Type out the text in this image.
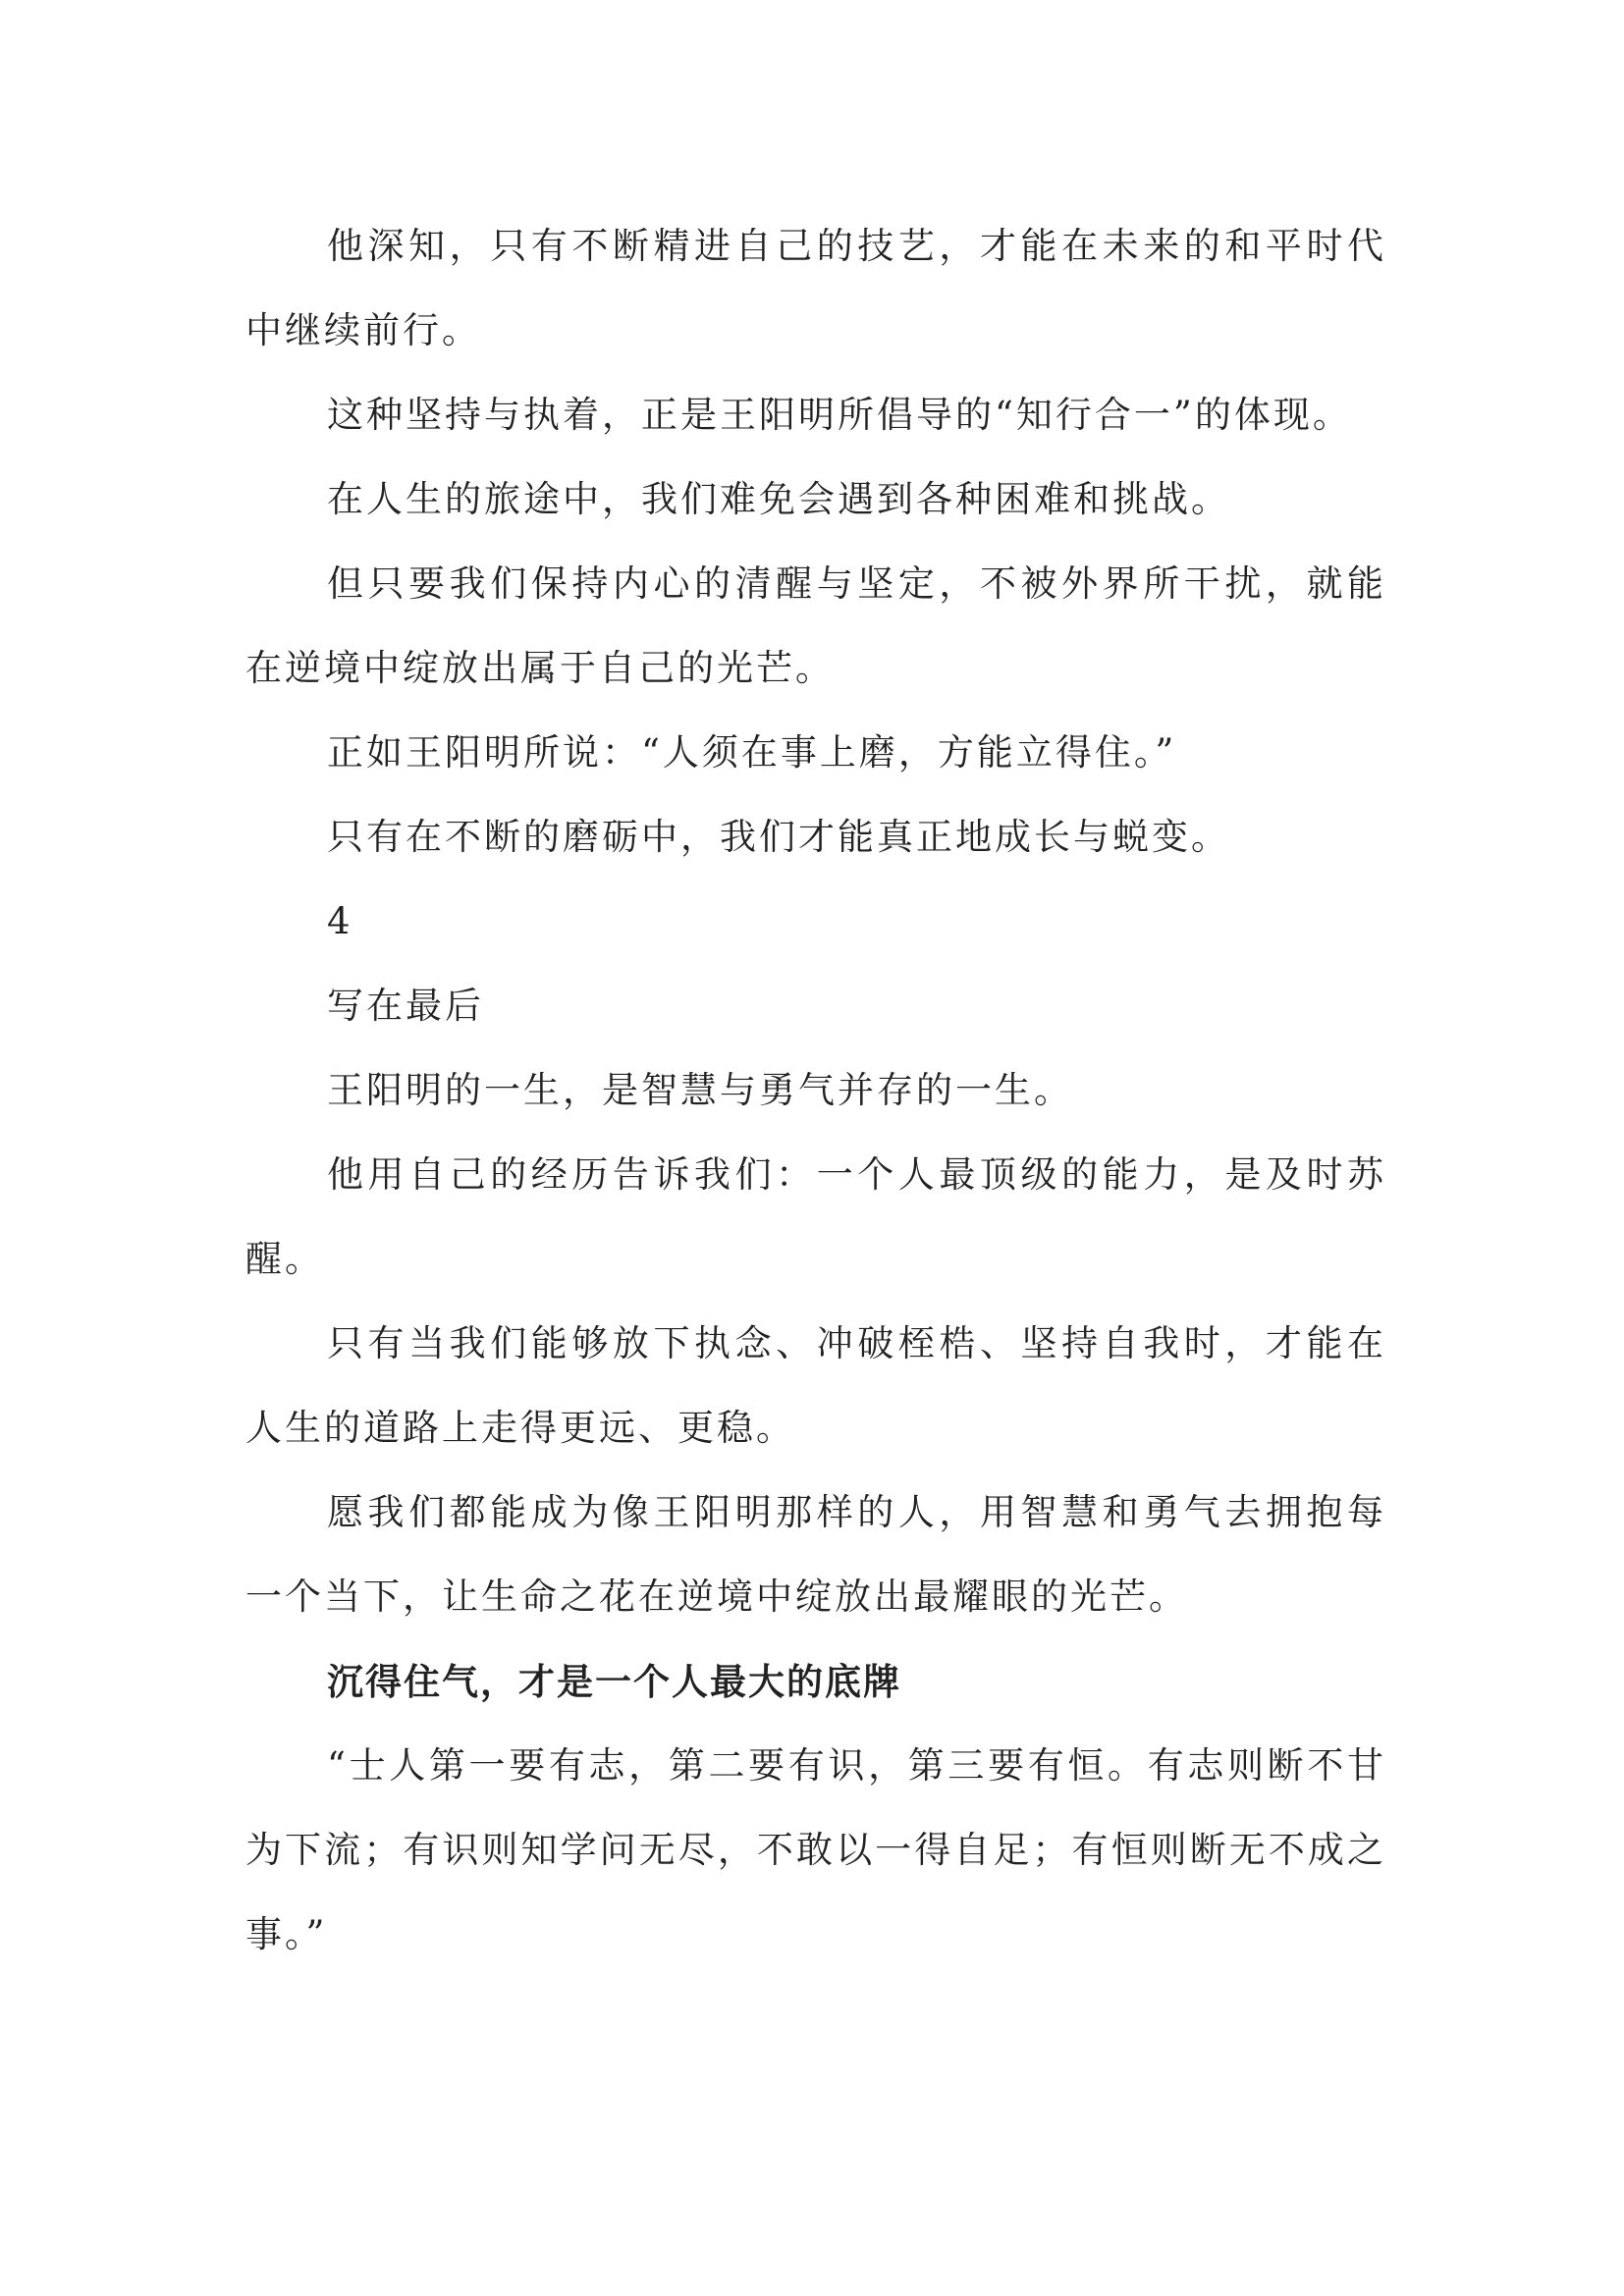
他深知，只有不断精进自己的技艺，才能在未来的和平时代中继续前行。

这种坚持与执着，正是王阳明所倡导的“知行合一”的体现。

在人生的旅途中，我们难免会遇到各种困难和挑战。

但只要我们保持内心的清醒与坚定，不被外界所干扰，就能在逆境中绽放出属于自己的光芒。

正如王阳明所说：“人须在事上磨，方能立得住。”

只有在不断的磨砺中，我们才能真正地成长与蜕变。

4

写在最后

王阳明的一生，是智慧与勇气并存的一生。

他用自己的经历告诉我们：一个人最顶级的能力，是及时苏醒。

只有当我们能够放下执念、冲破桎梏、坚持自我时，才能在人生的道路上走得更远、更稳。

愿我们都能成为像王阳明那样的人，用智慧和勇气去拥抱每一个当下，让生命之花在逆境中绽放出最耀眼的光芒。

沉得住气，才是一个人最大的底牌

“士人第一要有志，第二要有识，第三要有恒。有志则断不甘为下流；有识则知学问无尽，不敢以一得自足；有恒则断无不成之事。”
